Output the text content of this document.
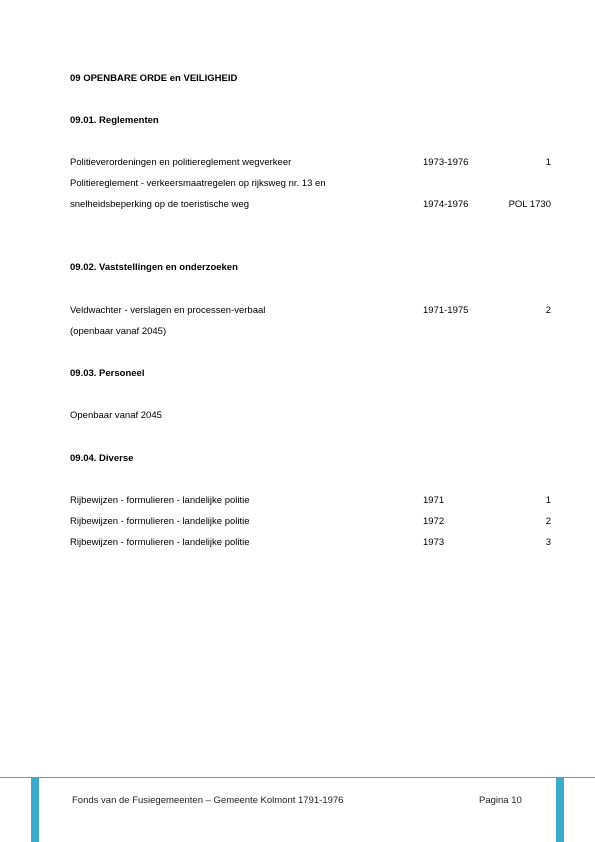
09 OPENBARE ORDE en VEILIGHEID
09.01. Reglementen
Politieverordeningen en politiereglement wegverkeer	1973-1976	1
Politiereglement - verkeersmaatregelen op rijksweg nr. 13 en
snelheidsbeperking op de toeristische weg	1974-1976	POL 1730
09.02. Vaststellingen en onderzoeken
Veldwachter - verslagen en processen-verbaal	1971-1975	2
(openbaar vanaf 2045)
09.03. Personeel
Openbaar vanaf 2045
09.04. Diverse
Rijbewijzen - formulieren - landelijke politie	1971	1
Rijbewijzen - formulieren - landelijke politie	1972	2
Rijbewijzen - formulieren - landelijke politie	1973	3
Fonds van de Fusiegemeenten – Gemeente Kolmont 1791-1976	Pagina 10
